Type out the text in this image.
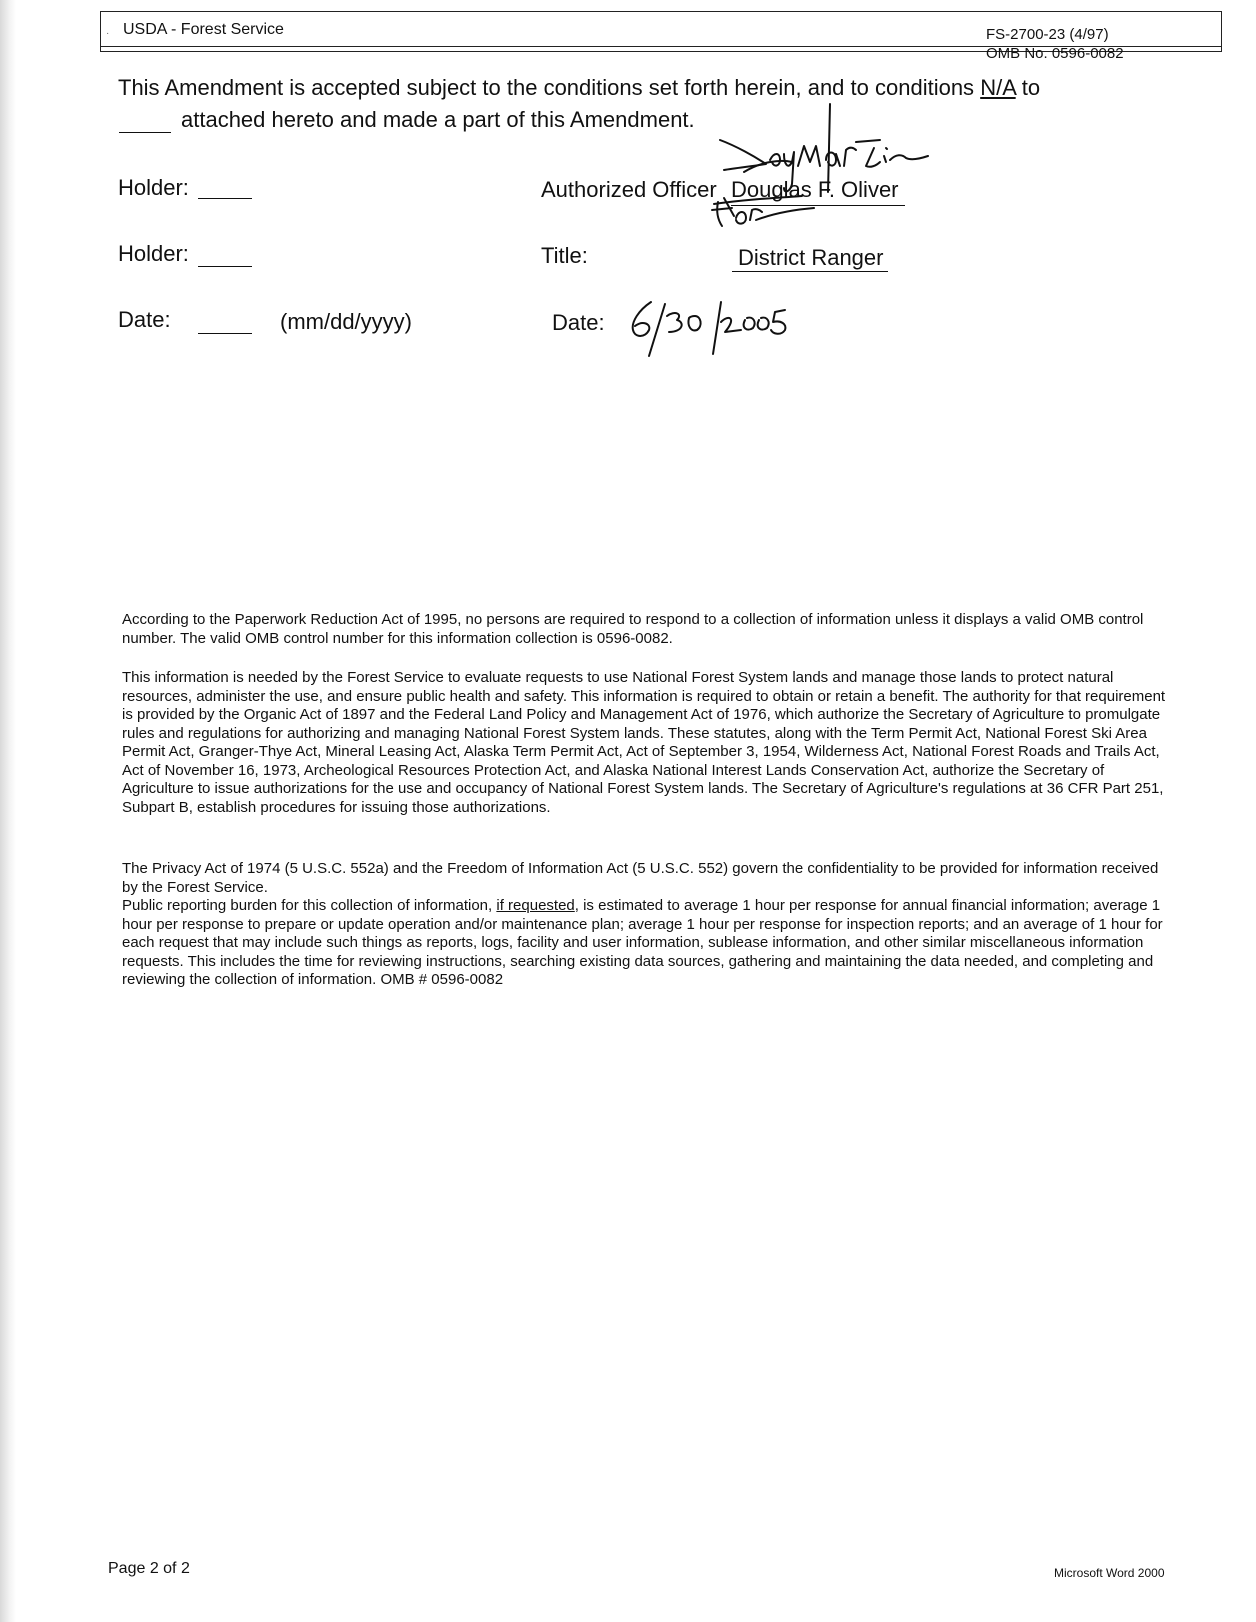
· USDA - Forest Service	FS-2700-23 (4/97)
OMB No. 0596-0082
This Amendment is accepted subject to the conditions set forth herein, and to conditions N/A to
attached hereto and made a part of this Amendment.
Holder:
Holder:
Date:	(mm/dd/yyyy)
Authorized Officer Douglas F. Oliver
Title:	District Ranger
Date:
According to the Paperwork Reduction Act of 1995, no persons are required to respond to a collection of information unless it displays a valid OMB control number. The valid OMB control number for this information collection is 0596-0082.
This information is needed by the Forest Service to evaluate requests to use National Forest System lands and manage those lands to protect natural resources, administer the use, and ensure public health and safety. This information is required to obtain or retain a benefit. The authority for that requirement is provided by the Organic Act of 1897 and the Federal Land Policy and Management Act of 1976, which authorize the Secretary of Agriculture to promulgate rules and regulations for authorizing and managing National Forest System lands. These statutes, along with the Term Permit Act, National Forest Ski Area Permit Act, Granger-Thye Act, Mineral Leasing Act, Alaska Term Permit Act, Act of September 3, 1954, Wilderness Act, National Forest Roads and Trails Act, Act of November 16, 1973, Archeological Resources Protection Act, and Alaska National Interest Lands Conservation Act, authorize the Secretary of Agriculture to issue authorizations for the use and occupancy of National Forest System lands. The Secretary of Agriculture's regulations at 36 CFR Part 251, Subpart B, establish procedures for issuing those authorizations.
The Privacy Act of 1974 (5 U.S.C. 552a) and the Freedom of Information Act (5 U.S.C. 552) govern the confidentiality to be provided for information received by the Forest Service.
Public reporting burden for this collection of information, if requested, is estimated to average 1 hour per response for annual financial information; average 1 hour per response to prepare or update operation and/or maintenance plan; average 1 hour per response for inspection reports; and an average of 1 hour for each request that may include such things as reports, logs, facility and user information, sublease information, and other similar miscellaneous information requests. This includes the time for reviewing instructions, searching existing data sources, gathering and maintaining the data needed, and completing and reviewing the collection of information. OMB # 0596-0082
Page 2 of 2	Microsoft Word 2000
